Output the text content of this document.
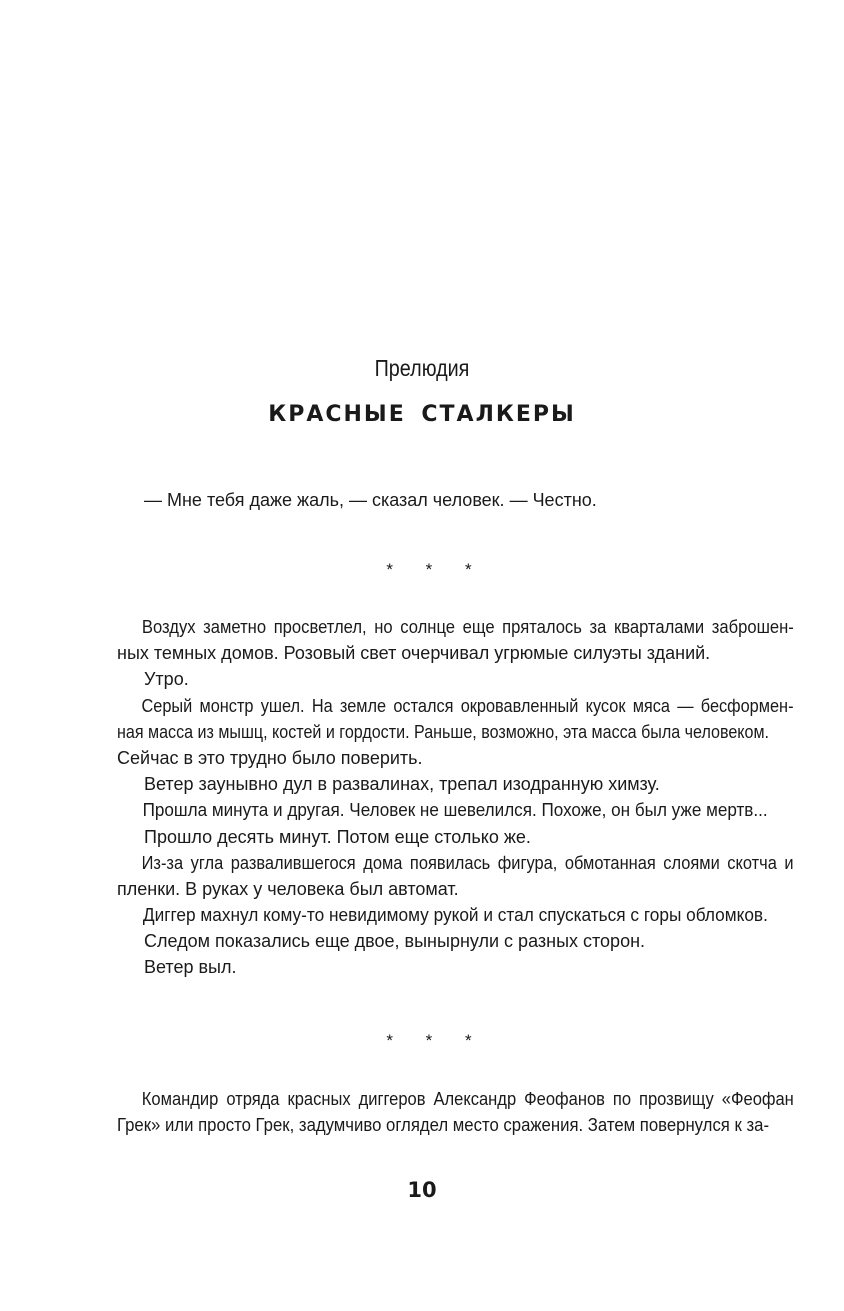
Прелюдия
КРАСНЫЕ СТАЛКЕРЫ
— Мне тебя даже жаль, — сказал человек. — Честно.
* * *
Воздух заметно просветлел, но солнце еще пряталось за кварталами заброшен-
ных темных домов. Розовый свет очерчивал угрюмые силуэты зданий.
Утро.
Серый монстр ушел. На земле остался окровавленный кусок мяса — бесформен-
ная масса из мышц, костей и гордости. Раньше, возможно, эта масса была человеком.
Сейчас в это трудно было поверить.
Ветер заунывно дул в развалинах, трепал изодранную химзу.
Прошла минута и другая. Человек не шевелился. Похоже, он был уже мертв...
Прошло десять минут. Потом еще столько же.
Из-за угла развалившегося дома появилась фигура, обмотанная слоями скотча и
пленки. В руках у человека был автомат.
Диггер махнул кому-то невидимому рукой и стал спускаться с горы обломков.
Следом показались еще двое, вынырнули с разных сторон.
Ветер выл.
* * *
Командир отряда красных диггеров Александр Феофанов по прозвищу «Феофан
Грек» или просто Грек, задумчиво оглядел место сражения. Затем повернулся к за-
10
